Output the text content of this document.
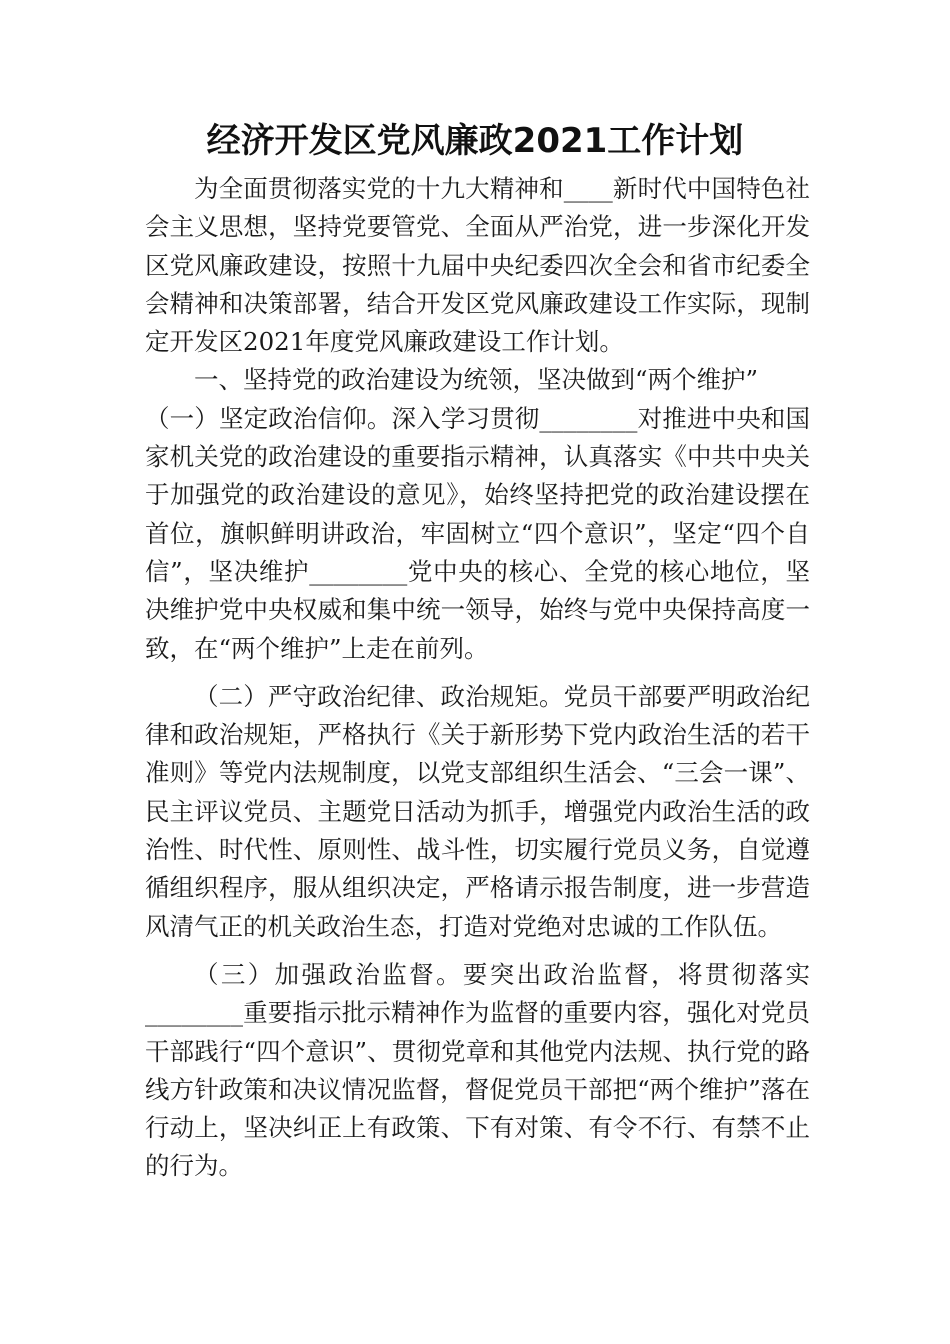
经济开发区党风廉政2021工作计划

为全面贯彻落实党的十九大精神和____新时代中国特色社会主义思想，坚持党要管党、全面从严治党，进一步深化开发区党风廉政建设，按照十九届中央纪委四次全会和省市纪委全会精神和决策部署，结合开发区党风廉政建设工作实际，现制定开发区2021年度党风廉政建设工作计划。

一、坚持党的政治建设为统领，坚决做到“两个维护”

（一）坚定政治信仰。深入学习贯彻________对推进中央和国家机关党的政治建设的重要指示精神，认真落实《中共中央关于加强党的政治建设的意见》，始终坚持把党的政治建设摆在首位，旗帜鲜明讲政治，牢固树立“四个意识”，坚定“四个自信”，坚决维护________党中央的核心、全党的核心地位，坚决维护党中央权威和集中统一领导，始终与党中央保持高度一致，在“两个维护”上走在前列。

（二）严守政治纪律、政治规矩。党员干部要严明政治纪律和政治规矩，严格执行《关于新形势下党内政治生活的若干准则》等党内法规制度，以党支部组织生活会、“三会一课”、民主评议党员、主题党日活动为抓手，增强党内政治生活的政治性、时代性、原则性、战斗性，切实履行党员义务，自觉遵循组织程序，服从组织决定，严格请示报告制度，进一步营造风清气正的机关政治生态，打造对党绝对忠诚的工作队伍。

（三）加强政治监督。要突出政治监督，将贯彻落实________重要指示批示精神作为监督的重要内容，强化对党员干部践行“四个意识”、贯彻党章和其他党内法规、执行党的路线方针政策和决议情况监督，督促党员干部把“两个维护”落在行动上，坚决纠正上有政策、下有对策、有令不行、有禁不止的行为。
